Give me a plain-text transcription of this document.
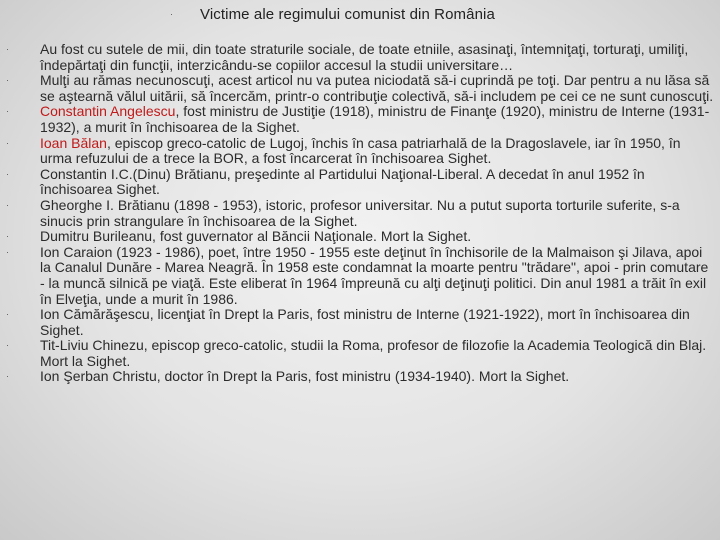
·	Victime ale regimului comunist din România
· Au fost cu sutele de mii, din toate straturile sociale, de toate etniile, asasinaţi, întemniţaţi, torturaţi, umiliţi, îndepărtaţi din funcţii, interzicându-se copiilor accesul la studii universitare…
· Mulţi au rămas necunoscuţi, acest articol nu va putea niciodată să-i cuprindă pe toţi. Dar pentru a nu lăsa să se aştearnă vălul uitării, să încercăm, printr-o contribuţie colectivă, să-i includem pe cei ce ne sunt cunoscuţi.
· Constantin Angelescu, fost ministru de Justiţie (1918), ministru de Finanţe (1920), ministru de Interne (1931-1932), a murit în închisoarea de la Sighet.
· Ioan Bălan, episcop greco-catolic de Lugoj, închis în casa patriarhală de la Dragoslavele, iar în 1950, în urma refuzului de a trece la BOR, a fost încarcerat în închisoarea Sighet.
· Constantin I.C.(Dinu) Brătianu, preşedinte al Partidului Naţional-Liberal. A decedat în anul 1952 în închisoarea Sighet.
· Gheorghe I. Brătianu (1898 - 1953), istoric, profesor universitar. Nu a putut suporta torturile suferite, s-a sinucis prin strangulare în închisoarea de la Sighet.
· Dumitru Burileanu, fost guvernator al Băncii Naţionale. Mort la Sighet.
· Ion Caraion (1923 - 1986), poet, între 1950 - 1955 este deţinut în închisorile de la Malmaison şi Jilava, apoi la Canalul Dunăre - Marea Neagră. În 1958 este condamnat la moarte pentru "trădare", apoi - prin comutare - la muncă silnică pe viaţă. Este eliberat în 1964 împreună cu alţi deţinuţi politici. Din anul 1981 a trăit în exil în Elveţia, unde a murit în 1986.
· Ion Cămărăşescu, licenţiat în Drept la Paris, fost ministru de Interne (1921-1922), mort în închisoarea din Sighet.
· Tit-Liviu Chinezu, episcop greco-catolic, studii la Roma, profesor de filozofie la Academia Teologică din Blaj. Mort la Sighet.
· Ion Şerban Christu, doctor în Drept la Paris, fost ministru (1934-1940). Mort la Sighet.
